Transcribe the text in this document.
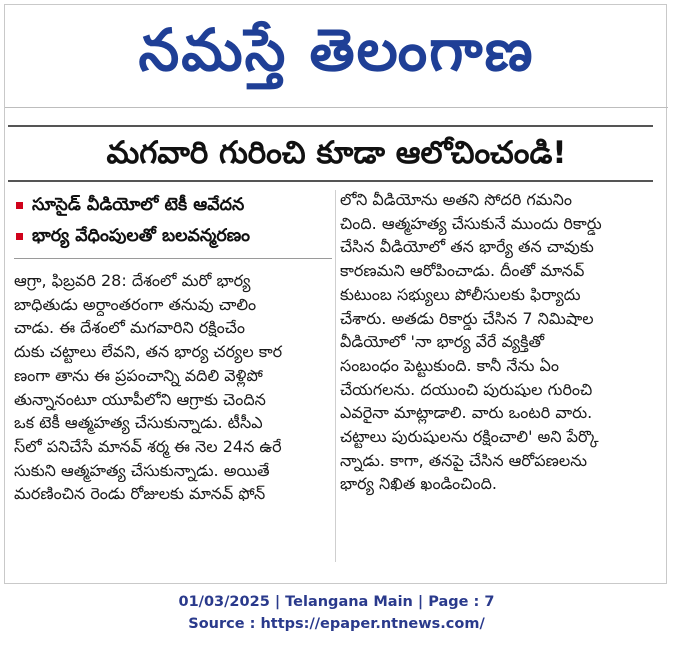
నమస్తే తెలంగాణ
మగవారి గురించి కూడా ఆలోచించండి!
సూసైడ్ వీడియోలో టెకీ ఆవేదన
భార్య వేధింపులతో బలవన్మరణం
ఆగ్రా, ఫిబ్రవరి 28: దేశంలో మరో భార్య
బాధితుడు అర్ధాంతరంగా తనువు చాలిం
చాడు. ఈ దేశంలో మగవారిని రక్షించేం
దుకు చట్టాలు లేవని, తన భార్య చర్యల కార
ణంగా తాను ఈ ప్రపంచాన్ని వదిలి వెళ్లిపో
తున్నానంటూ యూపీలోని ఆగ్రాకు చెందిన
ఒక టెకీ ఆత్మహత్య చేసుకున్నాడు. టీసీఎ
స్‌లో పనిచేసే మానవ్ శర్మ ఈ నెల 24న ఉరే
సుకుని ఆత్మహత్య చేసుకున్నాడు. అయితే
మరణించిన రెండు రోజులకు మానవ్ ఫోన్
లోని వీడియోను అతని సోదరి గమనిం
చింది. ఆత్మహత్య చేసుకునే ముందు రికార్డు
చేసిన వీడియోలో తన భార్యే తన చావుకు
కారణమని ఆరోపించాడు. దీంతో మానవ్
కుటుంబ సభ్యులు పోలీసులకు ఫిర్యాదు
చేశారు. అతడు రికార్డు చేసిన 7 నిమిషాల
వీడియోలో 'నా భార్య వేరే వ్యక్తితో
సంబంధం పెట్టుకుంది. కానీ నేను ఏం
చేయగలను. దయుంచి పురుషుల గురించి
ఎవరైనా మాట్లాడాలి. వారు ఒంటరి వారు.
చట్టాలు పురుషులను రక్షించాలి' అని పేర్కొ
న్నాడు. కాగా, తనపై చేసిన ఆరోపణలను
భార్య నిఖిత ఖండించింది.
01/03/2025 | Telangana Main | Page : 7
Source : https://epaper.ntnews.com/
